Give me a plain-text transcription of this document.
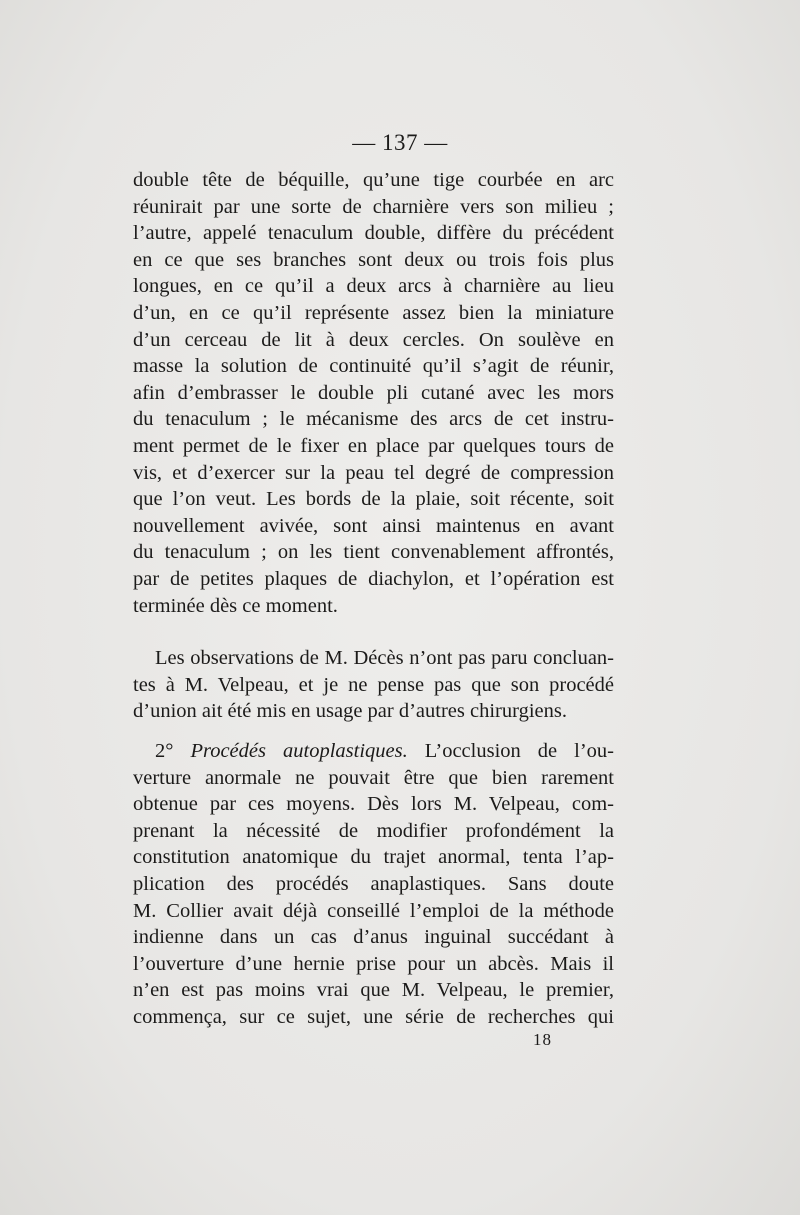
— 137 —
double tête de béquille, qu’une tige courbée en arc
réunirait par une sorte de charnière vers son milieu ;
l’autre, appelé tenaculum double, diffère du précédent
en ce que ses branches sont deux ou trois fois plus
longues, en ce qu’il a deux arcs à charnière au lieu
d’un, en ce qu’il représente assez bien la miniature
d’un cerceau de lit à deux cercles. On soulève en
masse la solution de continuité qu’il s’agit de réunir,
afin d’embrasser le double pli cutané avec les mors
du tenaculum ; le mécanisme des arcs de cet instru-
ment permet de le fixer en place par quelques tours de
vis, et d’exercer sur la peau tel degré de compression
que l’on veut. Les bords de la plaie, soit récente, soit
nouvellement avivée, sont ainsi maintenus en avant
du tenaculum ; on les tient convenablement affrontés,
par de petites plaques de diachylon, et l’opération est
terminée dès ce moment.
Les observations de M. Décès n’ont pas paru concluan-
tes à M. Velpeau, et je ne pense pas que son procédé
d’union ait été mis en usage par d’autres chirurgiens.
2° Procédés autoplastiques. L’occlusion de l’ou-
verture anormale ne pouvait être que bien rarement
obtenue par ces moyens. Dès lors M. Velpeau, com-
prenant la nécessité de modifier profondément la
constitution anatomique du trajet anormal, tenta l’ap-
plication des procédés anaplastiques. Sans doute
M. Collier avait déjà conseillé l’emploi de la méthode
indienne dans un cas d’anus inguinal succédant à
l’ouverture d’une hernie prise pour un abcès. Mais il
n’en est pas moins vrai que M. Velpeau, le premier,
commença, sur ce sujet, une série de recherches qui
18
